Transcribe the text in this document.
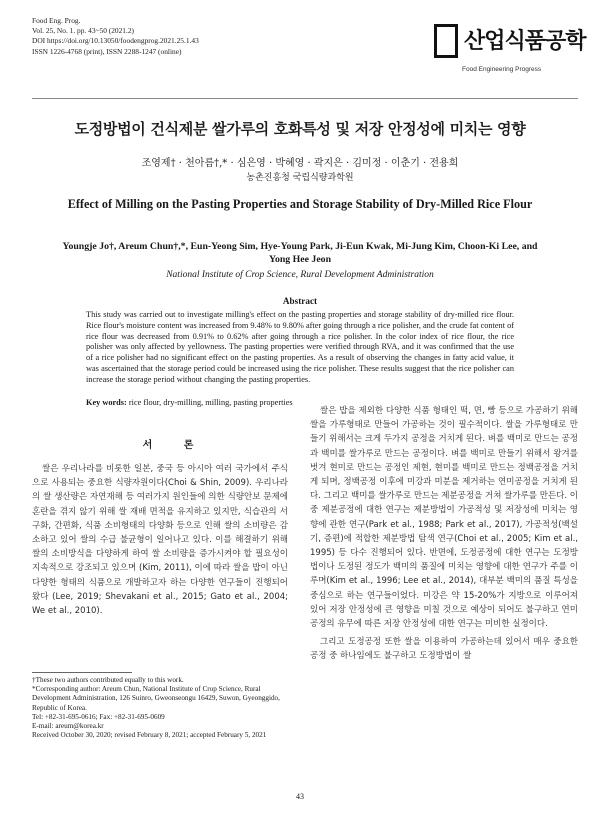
Food Eng. Prog.
Vol. 25, No. 1. pp. 43~50 (2021.2)
DOI https://doi.org/10.13050/foodengprog.2021.25.1.43
ISSN 1226-4768 (print), ISSN 2288-1247 (online)	산업식품공학
Food Engineering Progress
도정방법이 건식제분 쌀가루의 호화특성 및 저장 안정성에 미치는 영향
조영제† · 천아름†,* · 심은영 · 박혜영 · 곽지은 · 김미정 · 이춘기 · 전용희
농촌진흥청 국립식량과학원
Effect of Milling on the Pasting Properties and Storage Stability of Dry-Milled Rice Flour
Youngje Jo†, Areum Chun†,*, Eun-Yeong Sim, Hye-Young Park, Ji-Eun Kwak, Mi-Jung Kim, Choon-Ki Lee, and Yong Hee Jeon
National Institute of Crop Science, Rural Development Administration
Abstract
This study was carried out to investigate milling's effect on the pasting properties and storage stability of dry-milled rice flour. Rice flour's moisture content was increased from 9.48% to 9.80% after going through a rice polisher, and the crude fat content of rice flour was decreased from 0.91% to 0.62% after going through a rice polisher. In the color index of rice flour, the rice polisher was only affected by yellowness. The pasting properties were verified through RVA, and it was confirmed that the use of a rice polisher had no significant effect on the pasting properties. As a result of observing the changes in fatty acid value, it was ascertained that the storage period could be increased using the rice polisher. These results suggest that the rice polisher can increase the storage period without changing the pasting properties.
Key words: rice flour, dry-milling, milling, pasting properties
서 론
쌀은 우리나라를 비롯한 일본, 중국 등 아시아 여러 국가에서 주식으로 사용되는 중요한 식량자원이다(Choi & Shin, 2009). 우리나라의 쌀 생산량은 자연재해 등 여러가지 원인들에 의한 식량안보 문제에 혼란을 겪지 않기 위해 쌀 재배 면적을 유지하고 있지만, 식습관의 서구화, 간편화, 식품 소비형태의 다양화 등으로 인해 쌀의 소비량은 감소하고 있어 쌀의 수급 불균형이 일어나고 있다. 이를 해결하기 위해 쌀의 소비방식을 다양하게 하여 쌀 소비량을 증가시켜야 할 필요성이 지속적으로 강조되고 있으며 (Kim, 2011), 이에 따라 쌀을 밥이 아닌 다양한 형태의 식품으로 개발하고자 하는 다양한 연구들이 진행되어 왔다 (Lee, 2019; Shevakani et al., 2015; Gato et al., 2004; We et al., 2010).

쌀은 밥을 제외한 다양한 식품 형태인 떡, 면, 빵 등으로 가공하기 위해 쌀을 가루형태로 만들어 가공하는 것이 필수적이다. 쌀을 가루형태로 만들기 위해서는 크게 두가지 공정을 거치게 된다. 벼를 백미로 만드는 공정과 백미를 쌀가루로 만드는 공정이다. 벼를 백미로 만들기 위해서 왕겨를 벗겨 현미로 만드는 공정인 제현, 현미를 백미로 만드는 정백공정을 거치게 되며, 정백공정 이후에 미강과 미분을 제거하는 연미공정을 거치게 된다. 그리고 백미를 쌀가루로 만드는 제분공정을 거쳐 쌀가루를 만든다. 이 중 제분공정에 대한 연구는 제분방법이 가공적성 및 저장성에 미치는 영향에 관한 연구(Park et al., 1988; Park et al., 2017), 가공적성(백설기, 증편)에 적합한 제분방법 탐색 연구(Choi et al., 2005; Kim et al., 1995) 등 다수 진행되어 있다. 반면에, 도정공정에 대한 연구는 도정방법이나 도정된 정도가 백미의 품질에 미치는 영향에 대한 연구가 주를 이루며(Kim et al., 1996; Lee et al., 2014), 대부분 백미의 품질 특성을 중심으로 하는 연구들이었다. 미강은 약 15-20%가 지방으로 이루어져 있어 저장 안정성에 큰 영향을 미칠 것으로 예상이 되어도 불구하고 연미공정의 유무에 따른 저장 안정성에 대한 연구는 미비한 실정이다.

그리고 도정공정 또한 쌀을 이용하여 가공하는데 있어서 매우 중요한 공정 중 하나임에도 불구하고 도정방법이 쌀

†These two authors contributed equally to this work.
*Corresponding author: Areum Chun, National Institute of Crop Science, Rural Development Administration, 126 Suinro, Gweonseongu 16429, Suwon, Gyeonggido, Republic of Korea.
Tel: +82-31-695-0616; Fax: +82-31-695-0609
E-mail: areum@korea.kr
Received October 30, 2020; revised February 8, 2021; accepted February 5, 2021
43
